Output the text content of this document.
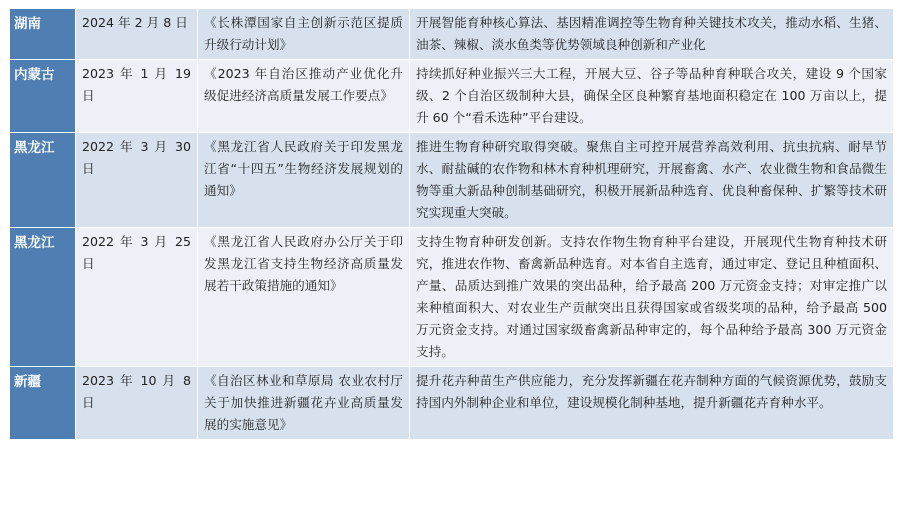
湖南	2024 年 2 月 8 日	《长株潭国家自主创新示范区提质升级行动计划》	开展智能育种核心算法、基因精准调控等生物育种关键技术攻关，推动水稻、生猪、油茶、辣椒、淡水鱼类等优势领域良种创新和产业化
内蒙古	2023 年 1 月 19 日	《2023 年自治区推动产业优化升级促进经济高质量发展工作要点》	持续抓好种业振兴三大工程，开展大豆、谷子等品种育种联合攻关，建设 9 个国家级、2 个自治区级制种大县，确保全区良种繁育基地面积稳定在 100 万亩以上，提升 60 个“看禾选种”平台建设。
黑龙江	2022 年 3 月 30 日	《黑龙江省人民政府关于印发黑龙江省“十四五”生物经济发展规划的通知》	推进生物育种研究取得突破。聚焦自主可控开展营养高效利用、抗虫抗病、耐旱节水、耐盐碱的农作物和林木育种机理研究，开展畜禽、水产、农业微生物和食品微生物等重大新品种创制基础研究，积极开展新品种选育、优良种畜保种、扩繁等技术研究实现重大突破。
黑龙江	2022 年 3 月 25 日	《黑龙江省人民政府办公厅关于印发黑龙江省支持生物经济高质量发展若干政策措施的通知》	支持生物育种研发创新。支持农作物生物育种平台建设，开展现代生物育种技术研究，推进农作物、畜禽新品种选育。对本省自主选育，通过审定、登记且种植面积、产量、品质达到推广效果的突出品种，给予最高 200 万元资金支持；对审定推广以来种植面积大、对农业生产贡献突出且获得国家或省级奖项的品种，给予最高 500 万元资金支持。对通过国家级畜禽新品种审定的，每个品种给予最高 300 万元资金支持。
新疆	2023 年 10 月 8 日	《自治区林业和草原局 农业农村厅关于加快推进新疆花卉业高质量发展的实施意见》	提升花卉种苗生产供应能力，充分发挥新疆在花卉制种方面的气候资源优势，鼓励支持国内外制种企业和单位，建设规模化制种基地，提升新疆花卉育种水平。
